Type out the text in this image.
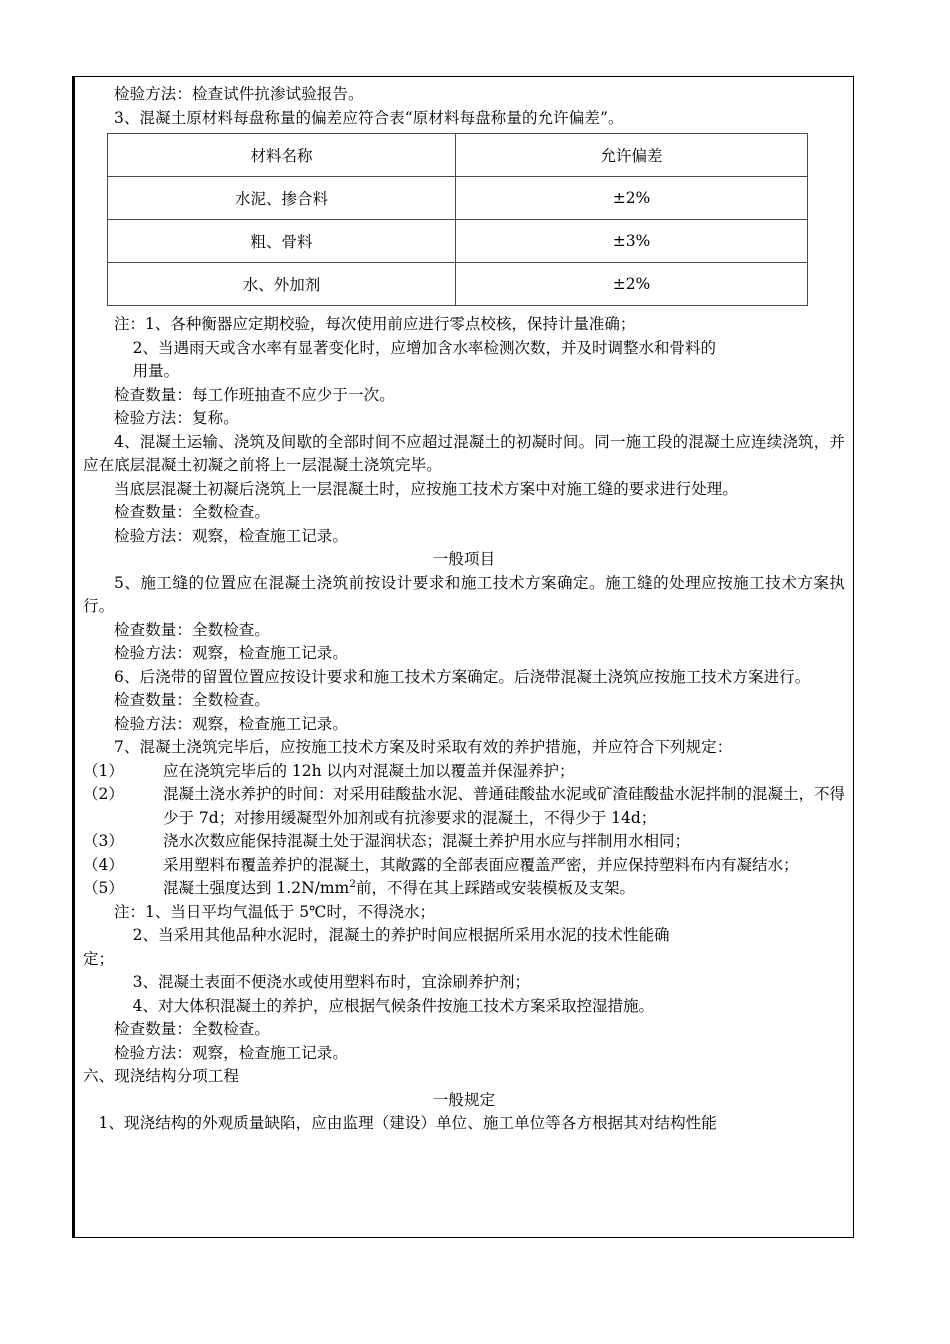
检验方法：检查试件抗渗试验报告。

3、混凝土原材料每盘称量的偏差应符合表“原材料每盘称量的允许偏差”。

材料名称	允许偏差
水泥、掺合料	±2%
粗、骨料	±3%
水、外加剂	±2%
注：1、各种衡器应定期校验，每次使用前应进行零点校核，保持计量准确；
2、当遇雨天或含水率有显著变化时，应增加含水率检测次数，并及时调整水和骨料的
用量。

检查数量：每工作班抽查不应少于一次。

检验方法：复称。

4、混凝土运输、浇筑及间歇的全部时间不应超过混凝土的初凝时间。同一施工段的混凝土应连续浇筑，并应在底层混凝土初凝之前将上一层混凝土浇筑完毕。

当底层混凝土初凝后浇筑上一层混凝土时，应按施工技术方案中对施工缝的要求进行处理。

检查数量：全数检查。

检验方法：观察，检查施工记录。

一般项目

5、施工缝的位置应在混凝土浇筑前按设计要求和施工技术方案确定。施工缝的处理应按施工技术方案执行。

检查数量：全数检查。

检验方法：观察，检查施工记录。

6、后浇带的留置位置应按设计要求和施工技术方案确定。后浇带混凝土浇筑应按施工技术方案进行。

检查数量：全数检查。

检验方法：观察，检查施工记录。

7、混凝土浇筑完毕后，应按施工技术方案及时采取有效的养护措施，并应符合下列规定：

（1）	应在浇筑完毕后的 12h 以内对混凝土加以覆盖并保湿养护；
（2）	混凝土浇水养护的时间：对采用硅酸盐水泥、普通硅酸盐水泥或矿渣硅酸盐水泥拌制的混凝土，不得少于 7d；对掺用缓凝型外加剂或有抗渗要求的混凝土，不得少于 14d；
（3）	浇水次数应能保持混凝土处于湿润状态；混凝土养护用水应与拌制用水相同；
（4）	采用塑料布覆盖养护的混凝土，其敞露的全部表面应覆盖严密，并应保持塑料布内有凝结水；
（5）	混凝土强度达到 $1.2N/mm^2$前，不得在其上踩踏或安装模板及支架。
注：1、当日平均气温低于 5℃时，不得浇水；
2、当采用其他品种水泥时，混凝土的养护时间应根据所采用水泥的技术性能确
定；
3、混凝土表面不便浇水或使用塑料布时，宜涂刷养护剂；
4、对大体积混凝土的养护，应根据气候条件按施工技术方案采取控湿措施。

检查数量：全数检查。

检验方法：观察，检查施工记录。

六、现浇结构分项工程

一般规定

1、现浇结构的外观质量缺陷，应由监理（建设）单位、施工单位等各方根据其对结构性能
